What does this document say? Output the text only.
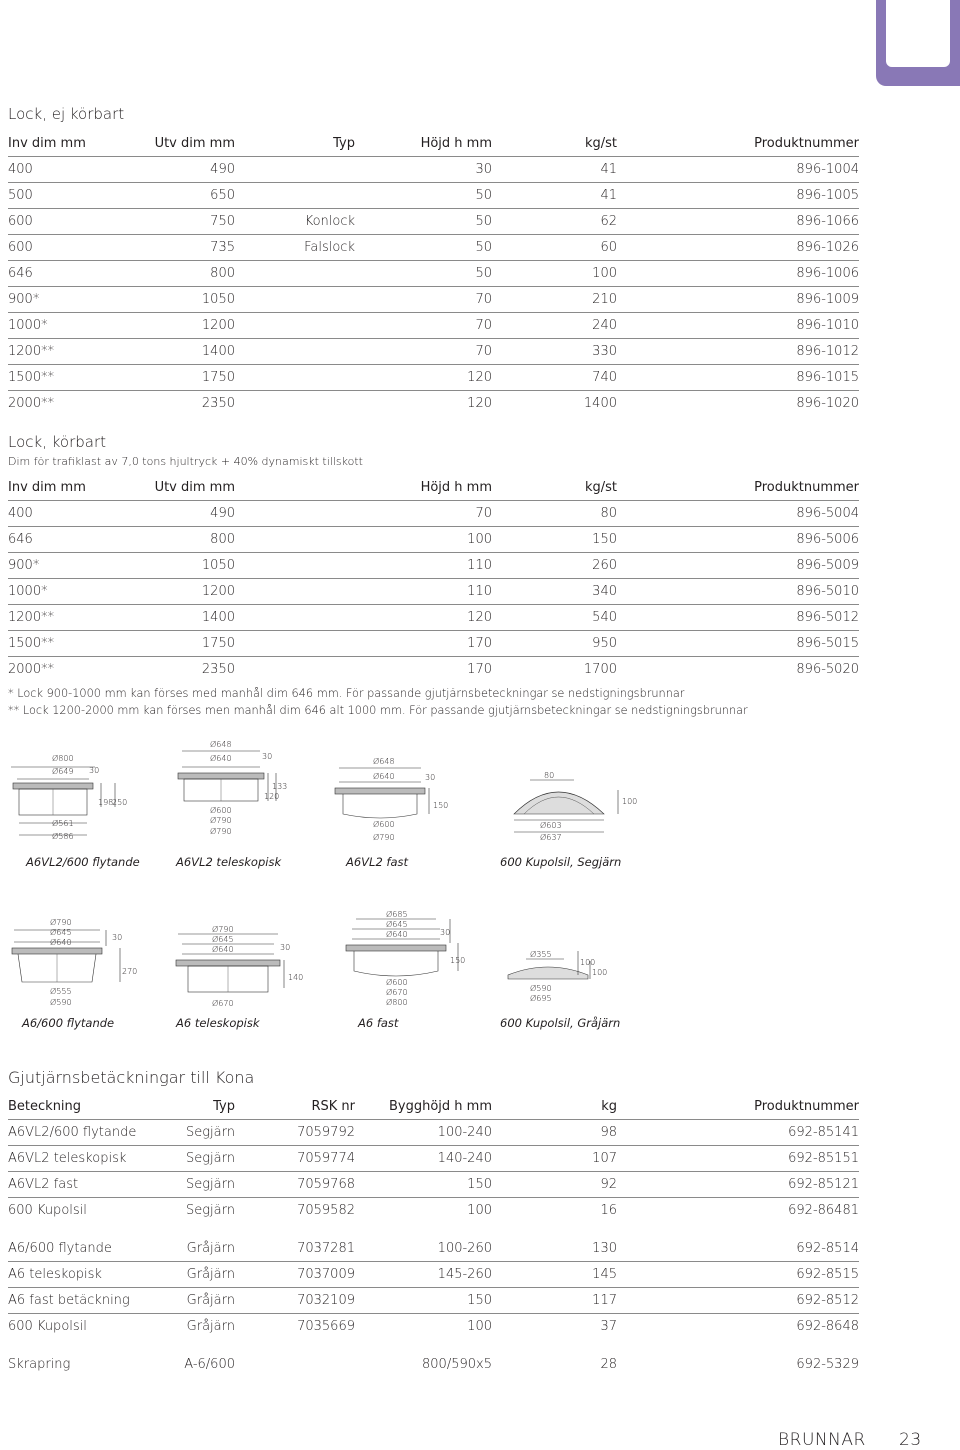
Lock, ej körbart
Inv dim mm	Utv dim mm	Typ	Höjd h mm	kg/st	Produktnummer
400	490		30	41	896-1004
500	650		50	41	896-1005
600	750	Konlock	50	62	896-1066
600	735	Falslock	50	60	896-1026
646	800		50	100	896-1006
900*	1050		70	210	896-1009
1000*	1200		70	240	896-1010
1200**	1400		70	330	896-1012
1500**	1750		120	740	896-1015
2000**	2350		120	1400	896-1020
Lock, körbart
Dim för trafiklast av 7,0 tons hjultryck + 40% dynamiskt tillskott
Inv dim mm	Utv dim mm		Höjd h mm	kg/st	Produktnummer
400	490		70	80	896-5004
646	800		100	150	896-5006
900*	1050		110	260	896-5009
1000*	1200		110	340	896-5010
1200**	1400		120	540	896-5012
1500**	1750		170	950	896-5015
2000**	2350		170	1700	896-5020
* Lock 900-1000 mm kan förses med manhål dim 646 mm. För passande gjutjärnsbeteckningar se nedstigningsbrunnar
** Lock 1200-2000 mm kan förses men manhål dim 646 alt 1000 mm. För passande gjutjärnsbeteckningar se nedstigningsbrunnar
Ø800
Ø649 30
198
250
Ø561
Ø586
Ø648
Ø640	30
120
133
Ø600
Ø790
Ø790
Ø648
Ø640	30
150
Ø600
Ø790
80
100
Ø603
Ø637
A6VL2/600 flytande	A6VL2 teleskopisk	A6VL2 fast	600 Kupolsil, Segjärn
Ø790
Ø645
Ø640
30
270
Ø555
Ø590
Ø790
Ø645
Ø640	30
140
Ø670
Ø685
Ø645
Ø640	30
150
Ø600
Ø670
Ø800
Ø355
100
100
Ø590
Ø695
A6/600 flytande	A6 teleskopisk	A6 fast	600 Kupolsil, Gråjärn
Gjutjärnsbetäckningar till Kona
Beteckning	Typ	RSK nr	Bygghöjd h mm	kg	Produktnummer
A6VL2/600 flytande	Segjärn	7059792	100-240	98	692-85141
A6VL2 teleskopisk	Segjärn	7059774	140-240	107	692-85151
A6VL2 fast	Segjärn	7059768	150	92	692-85121
600 Kupolsil	Segjärn	7059582	100	16	692-86481

A6/600 flytande	Gråjärn	7037281	100-260	130	692-8514
A6 teleskopisk	Gråjärn	7037009	145-260	145	692-8515
A6 fast betäckning	Gråjärn	7032109	150	117	692-8512
600 Kupolsil	Gråjärn	7035669	100	37	692-8648

Skrapring	A-6/600		800/590x5	28	692-5329
BRUNNAR 23
